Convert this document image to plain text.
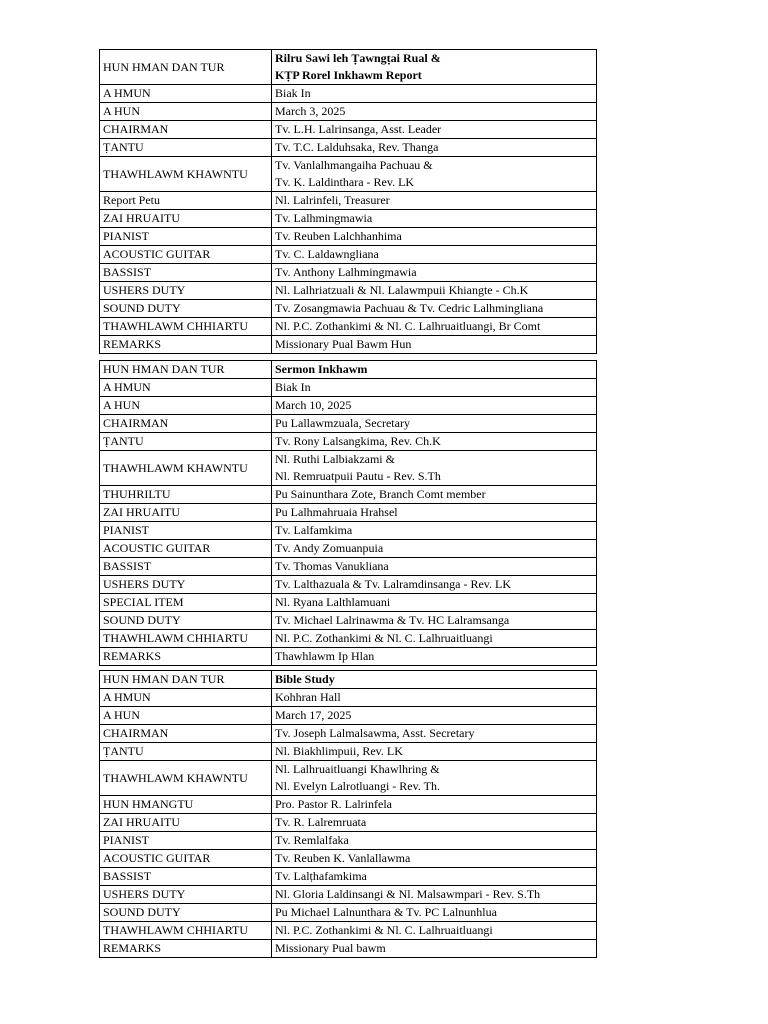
HUN HMAN DAN TUR	Rilru Sawi leh Ṭawngṭai Rual &
KṬP Rorel Inkhawm Report

A HMUN	Biak In

A HUN	March 3, 2025

CHAIRMAN	Tv. L.H. Lalrinsanga, Asst. Leader

ṬANTU	Tv. T.C. Lalduhsaka, Rev. Thanga

THAWHLAWM KHAWNTU	Tv. Vanlalhmangaiha Pachuau &
Tv. K. Laldinthara - Rev. LK

Report Petu	Nl. Lalrinfeli, Treasurer

ZAI HRUAITU	Tv. Lalhmingmawia

PIANIST	Tv. Reuben Lalchhanhima

ACOUSTIC GUITAR	Tv. C. Laldawngliana

BASSIST	Tv. Anthony Lalhmingmawia

USHERS DUTY	Nl. Lalhriatzuali & Nl. Lalawmpuii Khiangte - Ch.K

SOUND DUTY	Tv. Zosangmawia Pachuau & Tv. Cedric Lalhmingliana

THAWHLAWM CHHIARTU	Nl. P.C. Zothankimi & Nl. C. Lalhruaitluangi, Br Comt

REMARKS	Missionary Pual Bawm Hun
HUN HMAN DAN TUR	Sermon Inkhawm

A HMUN	Biak In

A HUN	March 10, 2025

CHAIRMAN	Pu Lallawmzuala, Secretary

ṬANTU	Tv. Rony Lalsangkima, Rev. Ch.K

THAWHLAWM KHAWNTU	Nl. Ruthi Lalbiakzami &
Nl. Remruatpuii Pautu - Rev. S.Th

THUHRILTU	Pu Sainunthara Zote, Branch Comt member

ZAI HRUAITU	Pu Lalhmahruaia Hrahsel

PIANIST	Tv. Lalfamkima

ACOUSTIC GUITAR	Tv. Andy Zomuanpuia

BASSIST	Tv. Thomas Vanukliana

USHERS DUTY	Tv. Lalthazuala & Tv. Lalramdinsanga - Rev. LK

SPECIAL ITEM	Nl. Ryana Lalthlamuani

SOUND DUTY	Tv. Michael Lalrinawma & Tv. HC Lalramsanga

THAWHLAWM CHHIARTU	Nl. P.C. Zothankimi & Nl. C. Lalhruaitluangi

REMARKS	Thawhlawm Ip Hlan
HUN HMAN DAN TUR	Bible Study

A HMUN	Kohhran Hall

A HUN	March 17, 2025

CHAIRMAN	Tv. Joseph Lalmalsawma, Asst. Secretary

ṬANTU	Nl. Biakhlimpuii, Rev. LK

THAWHLAWM KHAWNTU	Nl. Lalhruaitluangi Khawlhring &
Nl. Evelyn Lalrotluangi - Rev. Th.

HUN HMANGTU	Pro. Pastor R. Lalrinfela

ZAI HRUAITU	Tv. R. Lalremruata

PIANIST	Tv. Remlalfaka

ACOUSTIC GUITAR	Tv. Reuben K. Vanlallawma

BASSIST	Tv. Lalṭhafamkima

USHERS DUTY	Nl. Gloria Laldinsangi & Nl. Malsawmpari - Rev. S.Th

SOUND DUTY	Pu Michael Lalnunthara & Tv. PC Lalnunhlua

THAWHLAWM CHHIARTU	Nl. P.C. Zothankimi & Nl. C. Lalhruaitluangi

REMARKS	Missionary Pual bawm
